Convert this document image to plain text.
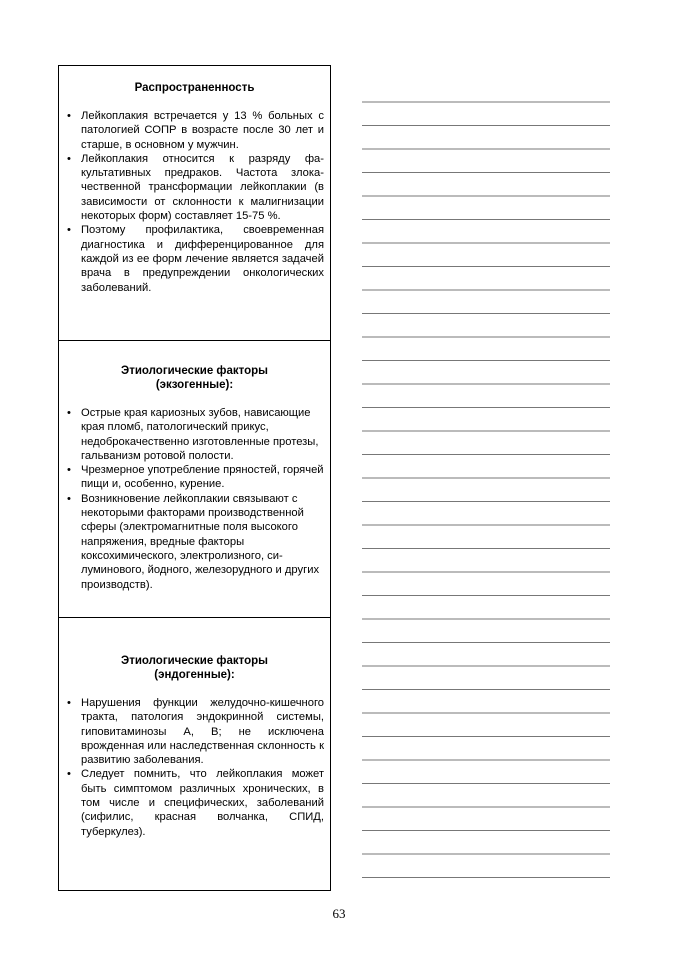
Распространенность
• Лейкоплакия встречается у 13 % больных с патологией СОПР в возрасте после 30 лет и старше, в основном у мужчин.
• Лейкоплакия относится к разряду факультативных предраков. Частота злокачественной трансформации лейкоплакии (в зависимости от склонности к малигнизации некоторых форм) составляет 15-75 %.
• Поэтому профилактика, своевременная диагностика и дифференцированное для каждой из ее форм лечение является задачей врача в предупреждении онкологических заболеваний.
Этиологические факторы
(экзогенные):
• Острые края кариозных зубов, нависающие края пломб, патологический прикус, недоброкачественно изготовленные протезы, гальванизм ротовой полости.
• Чрезмерное употребление пряностей, горячей пищи и, особенно, курение.
• Возникновение лейкоплакии связывают с некоторыми факторами производственной сферы (электромагнитные поля высокого напряжения, вредные факторы коксохимического, электролизного, силуминового, йодного, железорудного и других производств).
Этиологические факторы
(эндогенные):
• Нарушения функции желудочно-кишечного тракта, патология эндокринной системы, гиповитаминозы А, В; не исключена врожденная или наследственная склонность к развитию заболевания.
• Следует помнить, что лейкоплакия может быть симптомом различных хронических, в том числе и специфических, заболеваний (сифилис, красная волчанка, СПИД, туберкулез).
63
